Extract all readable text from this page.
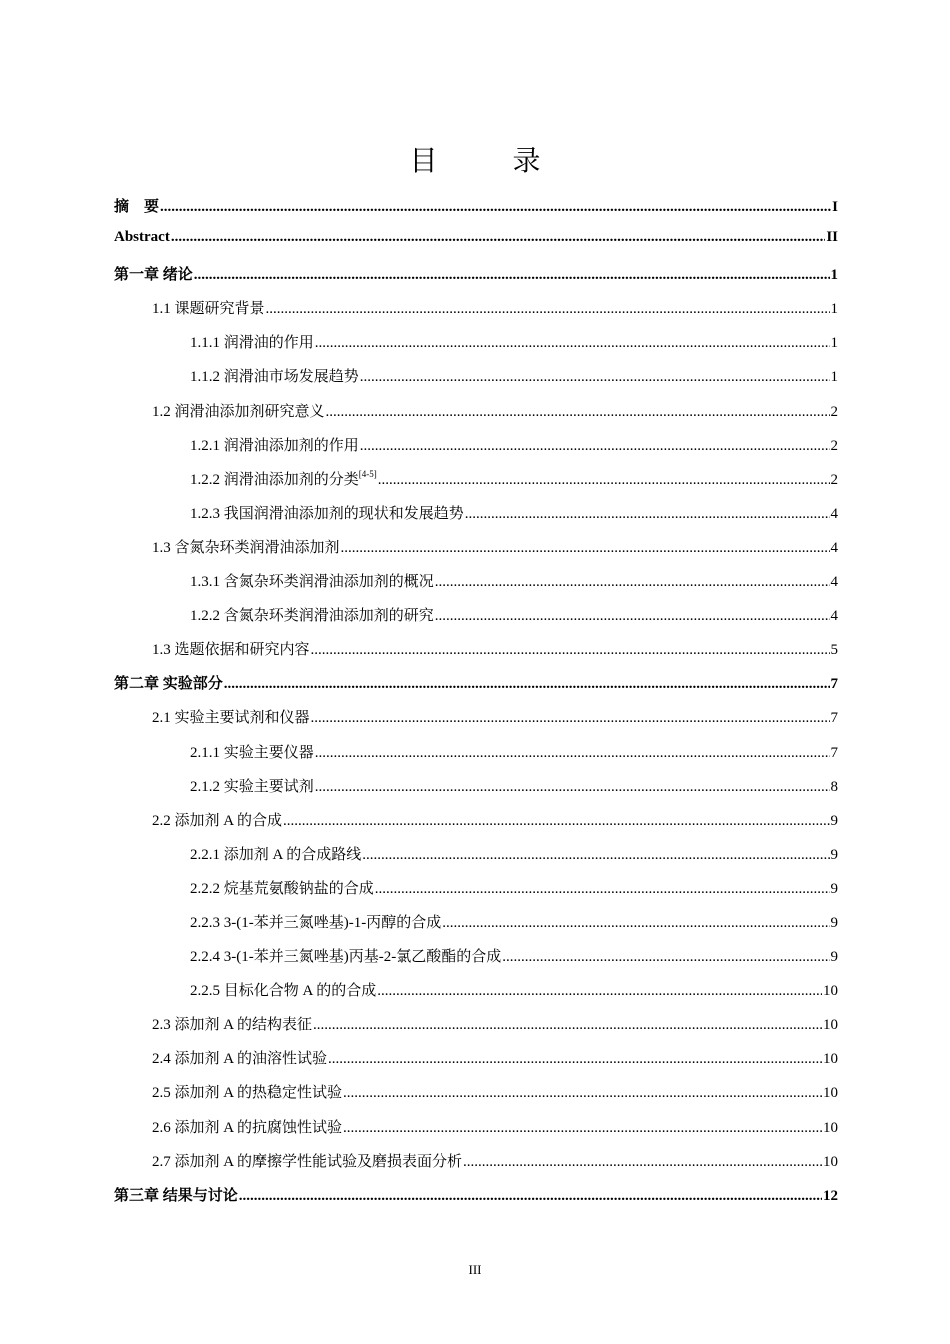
目 录
摘　要 .....	I
Abstract .....	II
第一章 绪论 .....	1
1.1 课题研究背景 .....	1
1.1.1 润滑油的作用 .....	1
1.1.2 润滑油市场发展趋势 .....	1
1.2 润滑油添加剂研究意义 .....	2
1.2.1 润滑油添加剂的作用 .....	2
1.2.2 润滑油添加剂的分类[4-5] .....	2
1.2.3 我国润滑油添加剂的现状和发展趋势 .....	4
1.3 含氮杂环类润滑油添加剂 .....	4
1.3.1 含氮杂环类润滑油添加剂的概况 .....	4
1.2.2 含氮杂环类润滑油添加剂的研究 .....	4
1.3 选题依据和研究内容 .....	5
第二章 实验部分 .....	7
2.1 实验主要试剂和仪器 .....	7
2.1.1 实验主要仪器 .....	7
2.1.2 实验主要试剂 .....	8
2.2 添加剂 A 的合成 .....	9
2.2.1 添加剂 A 的合成路线 .....	9
2.2.2 烷基荒氨酸钠盐的合成 .....	9
2.2.3 3-(1-苯并三氮唑基)-1-丙醇的合成 .....	9
2.2.4 3-(1-苯并三氮唑基)丙基-2-氯乙酸酯的合成 .....	9
2.2.5 目标化合物 A 的的合成 .....	10
2.3 添加剂 A 的结构表征 .....	10
2.4 添加剂 A 的油溶性试验 .....	10
2.5 添加剂 A 的热稳定性试验 .....	10
2.6 添加剂 A 的抗腐蚀性试验 .....	10
2.7 添加剂 A 的摩擦学性能试验及磨损表面分析 .....	10
第三章 结果与讨论 .....	12
III
